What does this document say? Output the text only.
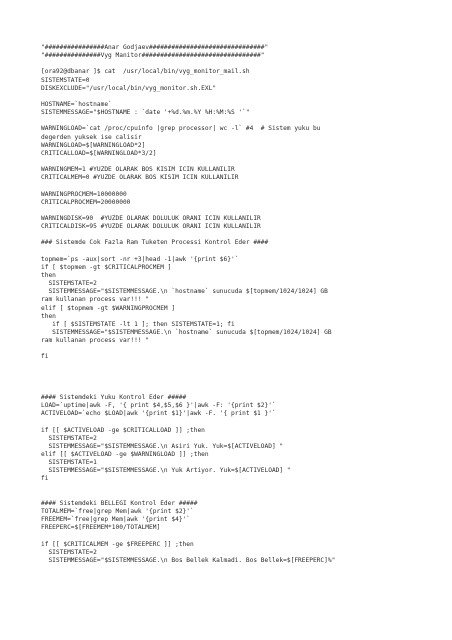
"################Anar Godjaev###############################"
"###############Vyg Manitor################################"
[ora92@dbanar ]$ cat  /usr/local/bin/vyg_monitor_mail.sh
SISTEMSTATE=0
DISKEXCLUDE="/usr/local/bin/vyg_monitor.sh.EXL"
HOSTNAME=`hostname`
SISTEMMESSAGE="$HOSTNAME : `date '+%d.%m.%Y %H:%M:%S '`"
WARNINGLOAD=`cat /proc/cpuinfo |grep processor| wc -l` #4  # Sistem yuku bu
degerden yuksek ise calisir
WARNINGLOAD=$[WARNINGLOAD*2]
CRITICALLOAD=$[WARNINGLOAD*3/2]
WARNINGMEM=1 #YUZDE OLARAK BOS KISIM ICIN KULLANILIR
CRITICALMEM=0 #YUZDE OLARAK BOS KISIM ICIN KULLANILIR
WARNINGPROCMEM=10000000
CRITICALPROCMEM=20000000
WARNINGDISK=90  #YUZDE OLARAK DOLULUK ORANI ICIN KULLANILIR
CRITICALDISK=95 #YUZDE OLARAK DOLULUK ORANI ICIN KULLANILIR
### Sistemde Cok Fazla Ram Tuketen Processi Kontrol Eder ####
topmem=`ps -aux|sort -nr +3|head -1|awk '{print $6}'`
if [ $topmem -gt $CRITICALPROCMEM ]
then
SISTEMSTATE=2
SISTEMMESSAGE="$SISTEMMESSAGE.\n `hostname` sunucuda $[topmem/1024/1024] GB
ram kullanan process var!!! "
elif [ $topmem -gt $WARNINGPROCMEM ]
then
if [ $SISTEMSTATE -lt 1 ]; then SISTEMSTATE=1; fi
SISTEMMESSAGE="$SISTEMMESSAGE.\n `hostname` sunucuda $[topmem/1024/1024] GB
ram kullanan process var!!! "
fi
#### Sistemdeki Yuku Kontrol Eder #####
LOAD=`uptime|awk -F, '{ print $4,$5,$6 }'|awk -F: '{print $2}'`
ACTIVELOAD=`echo $LOAD|awk '{print $1}'|awk -F. '{ print $1 }'`
if [[ $ACTIVELOAD -ge $CRITICALLOAD ]] ;then
SISTEMSTATE=2
SISTEMMESSAGE="$SISTEMMESSAGE.\n Asiri Yuk. Yuk=$[ACTIVELOAD] "
elif [[ $ACTIVELOAD -ge $WARNINGLOAD ]] ;then
SISTEMSTATE=1
SISTEMMESSAGE="$SISTEMMESSAGE.\n Yuk Artiyor. Yuk=$[ACTIVELOAD] "
fi
#### Sistemdeki BELLEGI Kontrol Eder #####
TOTALMEM=`free|grep Mem|awk '{print $2}'`
FREEMEM=`free|grep Mem|awk '{print $4}'`
FREEPERC=$[FREEMEM*100/TOTALMEM]
if [[ $CRITICALMEM -ge $FREEPERC ]] ;then
SISTEMSTATE=2
SISTEMMESSAGE="$SISTEMMESSAGE.\n Bos Bellek Kalmadi. Bos Bellek=$[FREEPERC]%"
